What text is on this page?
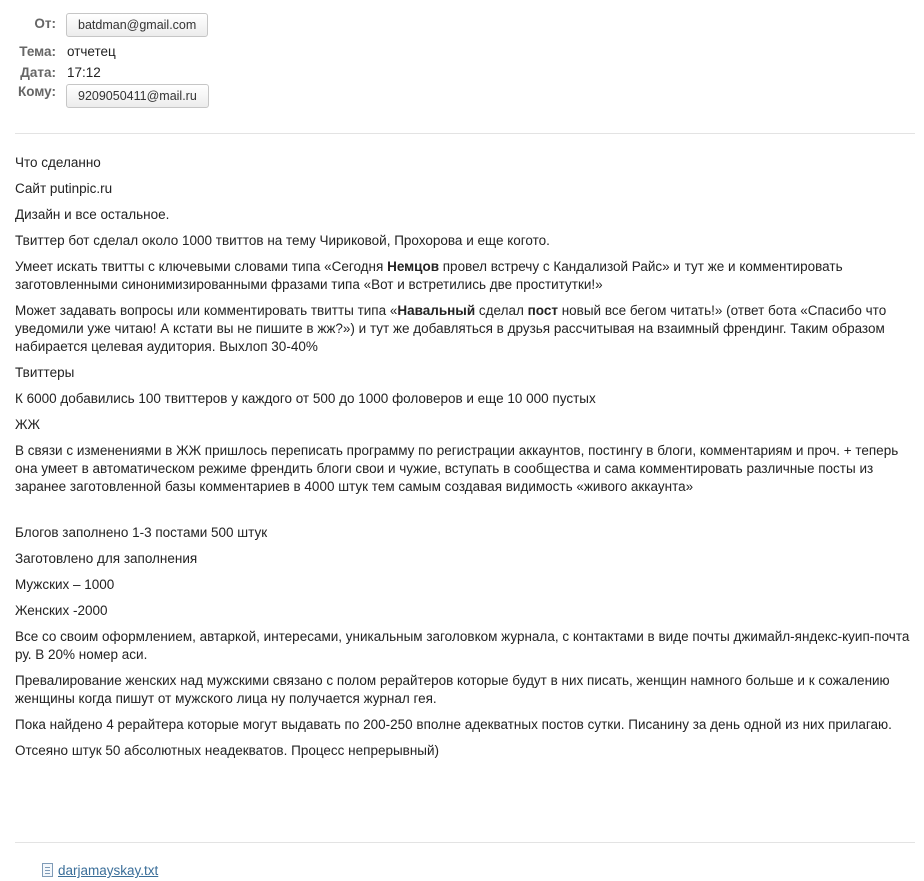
От:	batdman@gmail.com
Тема: отчетец
Дата: 17:12
Кому:	9209050411@mail.ru

Что сделанно

Сайт putinpic.ru

Дизайн и все остальное.

Твиттер бот сделал около 1000 твиттов на тему Чириковой, Прохорова и еще когото.

Умеет искать твитты с ключевыми словами типа «Сегодня Немцов провел встречу с Кандализой Райс» и тут же и комментировать заготовленными синонимизированными фразами типа «Вот и встретились две проститутки!»

Может задавать вопросы или комментировать твитты типа «Навальный сделал пост новый все бегом читать!» (ответ бота «Спасибо что уведомили уже читаю! А кстати вы не пишите в жж?») и тут же добавляться в друзья рассчитывая на взаимный френдинг. Таким образом набирается целевая аудитория. Выхлоп 30-40%

Твиттеры

К 6000 добавились 100 твиттеров у каждого от 500 до 1000 фоловеров и еще 10 000 пустых

ЖЖ

В связи с изменениями в ЖЖ пришлось переписать программу по регистрации аккаунтов, постингу в блоги, комментариям и проч. + теперь она умеет в автоматическом режиме френдить блоги свои и чужие, вступать в сообщества и сама комментировать различные посты из заранее заготовленной базы комментариев в 4000 штук тем самым создавая видимость «живого аккаунта»

Блогов заполнено 1-3 постами 500 штук

Заготовлено для заполнения

Мужских – 1000

Женских -2000

Все со своим оформлением, автаркой, интересами, уникальным заголовком журнала, с контактами в виде почты джимайл-яндекс-куип-почта ру. В 20% номер аси.

Превалирование женских над мужскими связано с полом рерайтеров которые будут в них писать, женщин намного больше и к сожалению женщины когда пишут от мужского лица ну получается журнал гея.

Пока найдено 4 рерайтера которые могут выдавать по 200-250 вполне адекватных постов сутки. Писанину за день одной из них прилагаю.

Отсеяно штук 50 абсолютных неадекватов. Процесс непрерывный)

darjamayskay.txt
